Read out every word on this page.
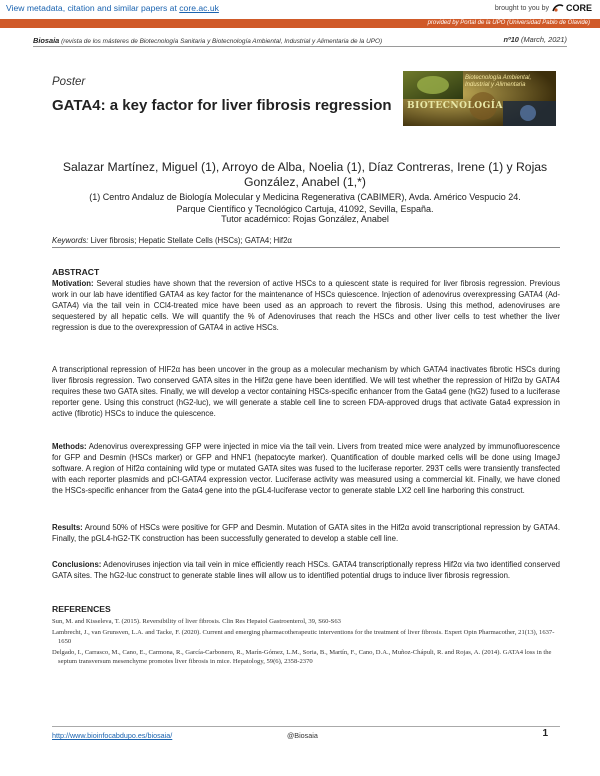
View metadata, citation and similar papers at core.ac.uk	brought to you by CORE
provided by Portal de la UPO (Universidad Pablo de Olavide)
Biosaia (revista de los másteres de Biotecnología Sanitaria y Biotecnología Ambiental, Industrial y Alimentaria de la UPO)	nº10 (March, 2021)
Poster
GATA4: a key factor for liver fibrosis regression
Biotecnología Ambiental, Industrial y Alimentaria
BIOTECNOLOGÍA
Salazar Martínez, Miguel (1), Arroyo de Alba, Noelia (1), Díaz Contreras, Irene (1) y Rojas González, Anabel (1,*)
(1) Centro Andaluz de Biología Molecular y Medicina Regenerativa (CABIMER), Avda. Américo Vespucio 24.
Parque Científico y Tecnológico Cartuja, 41092, Sevilla, España.
Tutor académico: Rojas González, Anabel
Keywords: Liver fibrosis; Hepatic Stellate Cells (HSCs); GATA4; Hif2α
ABSTRACT
Motivation: Several studies have shown that the reversion of active HSCs to a quiescent state is required for liver fibrosis regression. Previous work in our lab have identified GATA4 as key factor for the maintenance of HSCs quiescence. Injection of adenovirus overexpressing GATA4 (Ad-GATA4) via the tail vein in CCl4-treated mice have been used as an approach to revert the fibrosis. Using this method, adenoviruses are sequestered by all hepatic cells. We will quantify the % of Adenoviruses that reach the HSCs and other liver cells to test whether the liver regression is due to the overexpression of GATA4 in active HSCs.
A transcriptional repression of HIF2α has been uncover in the group as a molecular mechanism by which GATA4 inactivates fibrotic HSCs during liver fibrosis regression. Two conserved GATA sites in the Hif2α gene have been identified. We will test whether the repression of Hif2α by GATA4 requires these two GATA sites. Finally, we will develop a vector containing HSCs-specific enhancer from the Gata4 gene (hG2) fused to a luciferase reporter gene. Using this construct (hG2-luc), we will generate a stable cell line to screen FDA-approved drugs that activate Gata4 expression in active (fibrotic) HSCs to induce the quiescence.
Methods: Adenovirus overexpressing GFP were injected in mice via the tail vein. Livers from treated mice were analyzed by immunofluorescence for GFP and Desmin (HSCs marker) or GFP and HNF1 (hepatocyte marker). Quantification of double marked cells will be done using ImageJ software. A region of Hif2α containing wild type or mutated GATA sites was fused to the luciferase reporter. 293T cells were transiently transfected with each reporter plasmids and pCI-GATA4 expression vector. Luciferase activity was measured using a commercial kit. Finally, we have cloned the HSCs-specific enhancer from the Gata4 gene into the pGL4-luciferase vector to generate stable LX2 cell line harboring this construct.
Results: Around 50% of HSCs were positive for GFP and Desmin. Mutation of GATA sites in the Hif2α avoid transcriptional repression by GATA4. Finally, the pGL4-hG2-TK construction has been successfully generated to develop a stable cell line.
Conclusions: Adenoviruses injection via tail vein in mice efficiently reach HSCs. GATA4 transcriptionally repress Hif2α via two identified conserved GATA sites. The hG2-luc construct to generate stable lines will allow us to identified potential drugs to induce liver fibrosis regression.
REFERENCES
Sun, M. and Kisseleva, T. (2015). Reversibility of liver fibrosis. Clin Res Hepatol Gastroenterol, 39, S60-S63
Lambrecht, J., van Grunsven, L.A. and Tacke, F. (2020). Current and emerging pharmacotherapeutic interventions for the treatment of liver fibrosis. Expert Opin Pharmacother, 21(13), 1637-1650
Delgado, I., Carrasco, M., Cano, E., Carmona, R., García-Carbonero, R., Marín-Gómez, L.M., Soria, B., Martín, F., Cano, D.A., Muñoz-Chápuli, R. and Rojas, A. (2014). GATA4 loss in the septum transversum mesenchyme promotes liver fibrosis in mice. Hepatology, 59(6), 2358-2370
http://www.bioinfocabdupo.es/biosaia/	@Biosaia	1
